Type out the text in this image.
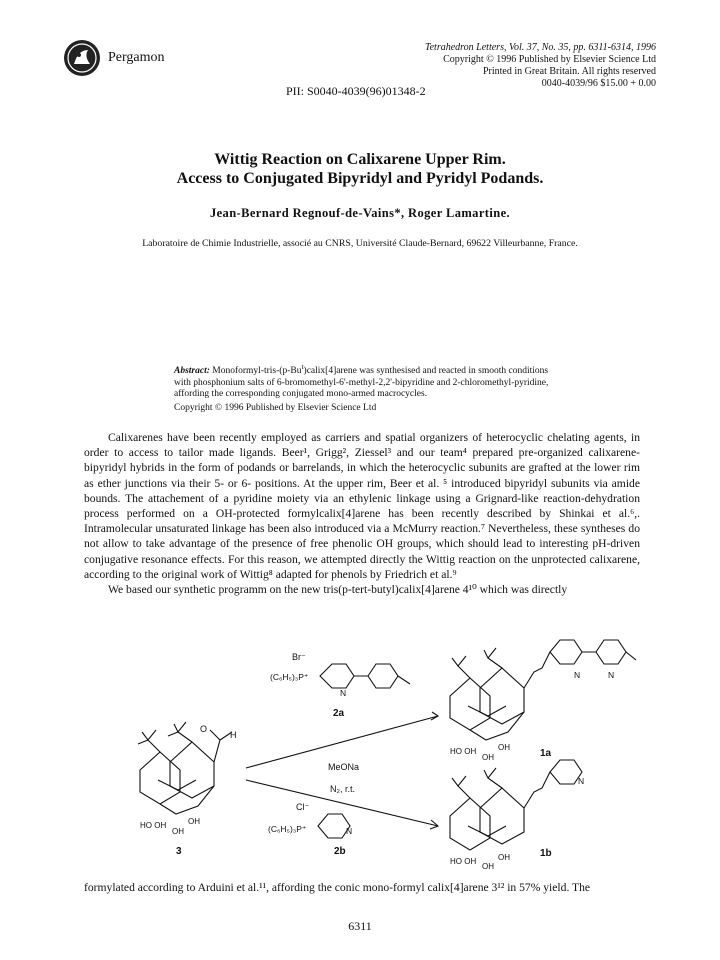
Pergamon
Tetrahedron Letters, Vol. 37, No. 35, pp. 6311-6314, 1996
Copyright © 1996 Published by Elsevier Science Ltd
Printed in Great Britain. All rights reserved
0040-4039/96 $15.00 + 0.00
PII: S0040-4039(96)01348-2
Wittig Reaction on Calixarene Upper Rim.
Access to Conjugated Bipyridyl and Pyridyl Podands.
Jean-Bernard Regnouf-de-Vains*, Roger Lamartine.
Laboratoire de Chimie Industrielle, associé au CNRS, Université Claude-Bernard, 69622 Villeurbanne, France.
Abstract: Monoformyl-tris-(p-Bu$^t$)calix[4]arene was synthesised and reacted in smooth conditions with phosphonium salts of 6-bromomethyl-6'-methyl-2,2'-bipyridine and 2-chloromethyl-pyridine, affording the corresponding conjugated mono-armed macrocycles.
Copyright © 1996 Published by Elsevier Science Ltd

Calixarenes have been recently employed as carriers and spatial organizers of heterocyclic chelating agents, in order to access to tailor made ligands. Beer¹, Grigg², Ziessel³ and our team⁴ prepared pre-organized calixarene-bipyridyl hybrids in the form of podands or barrelands, in which the heterocyclic subunits are grafted at the lower rim as ether junctions via their 5- or 6- positions. At the upper rim, Beer et al. ⁵ introduced bipyridyl subunits via amide bounds. The attachement of a pyridine moiety via an ethylenic linkage using a Grignard-like reaction-dehydration process performed on a OH-protected formylcalix[4]arene has been recently described by Shinkai et al.⁶,. Intramolecular unsaturated linkage has been also introduced via a McMurry reaction.⁷ Nevertheless, these syntheses do not allow to take advantage of the presence of free phenolic OH groups, which should lead to interesting pH-driven conjugative resonance effects. For this reason, we attempted directly the Wittig reaction on the unprotected calixarene, according to the original work of Wittig⁸ adapted for phenols by Friedrich et al.⁹

We based our synthetic programm on the new tris(p-tert-butyl)calix[4]arene 4¹⁰ which was directly

O
H
HO OH	OH
OH
3
Br⁻
(C₆H₅)₃P⁺
N
2a
MeONa
N₂, r.t.
Cl⁻
(C₆H₅)₃P⁺	N
2b
N	N
HO OH	OH
OH	1a
N
HO OH	OH
OH
1b
formylated according to Arduini et al.¹¹, affording the conic mono-formyl calix[4]arene 3¹² in 57% yield. The
6311
